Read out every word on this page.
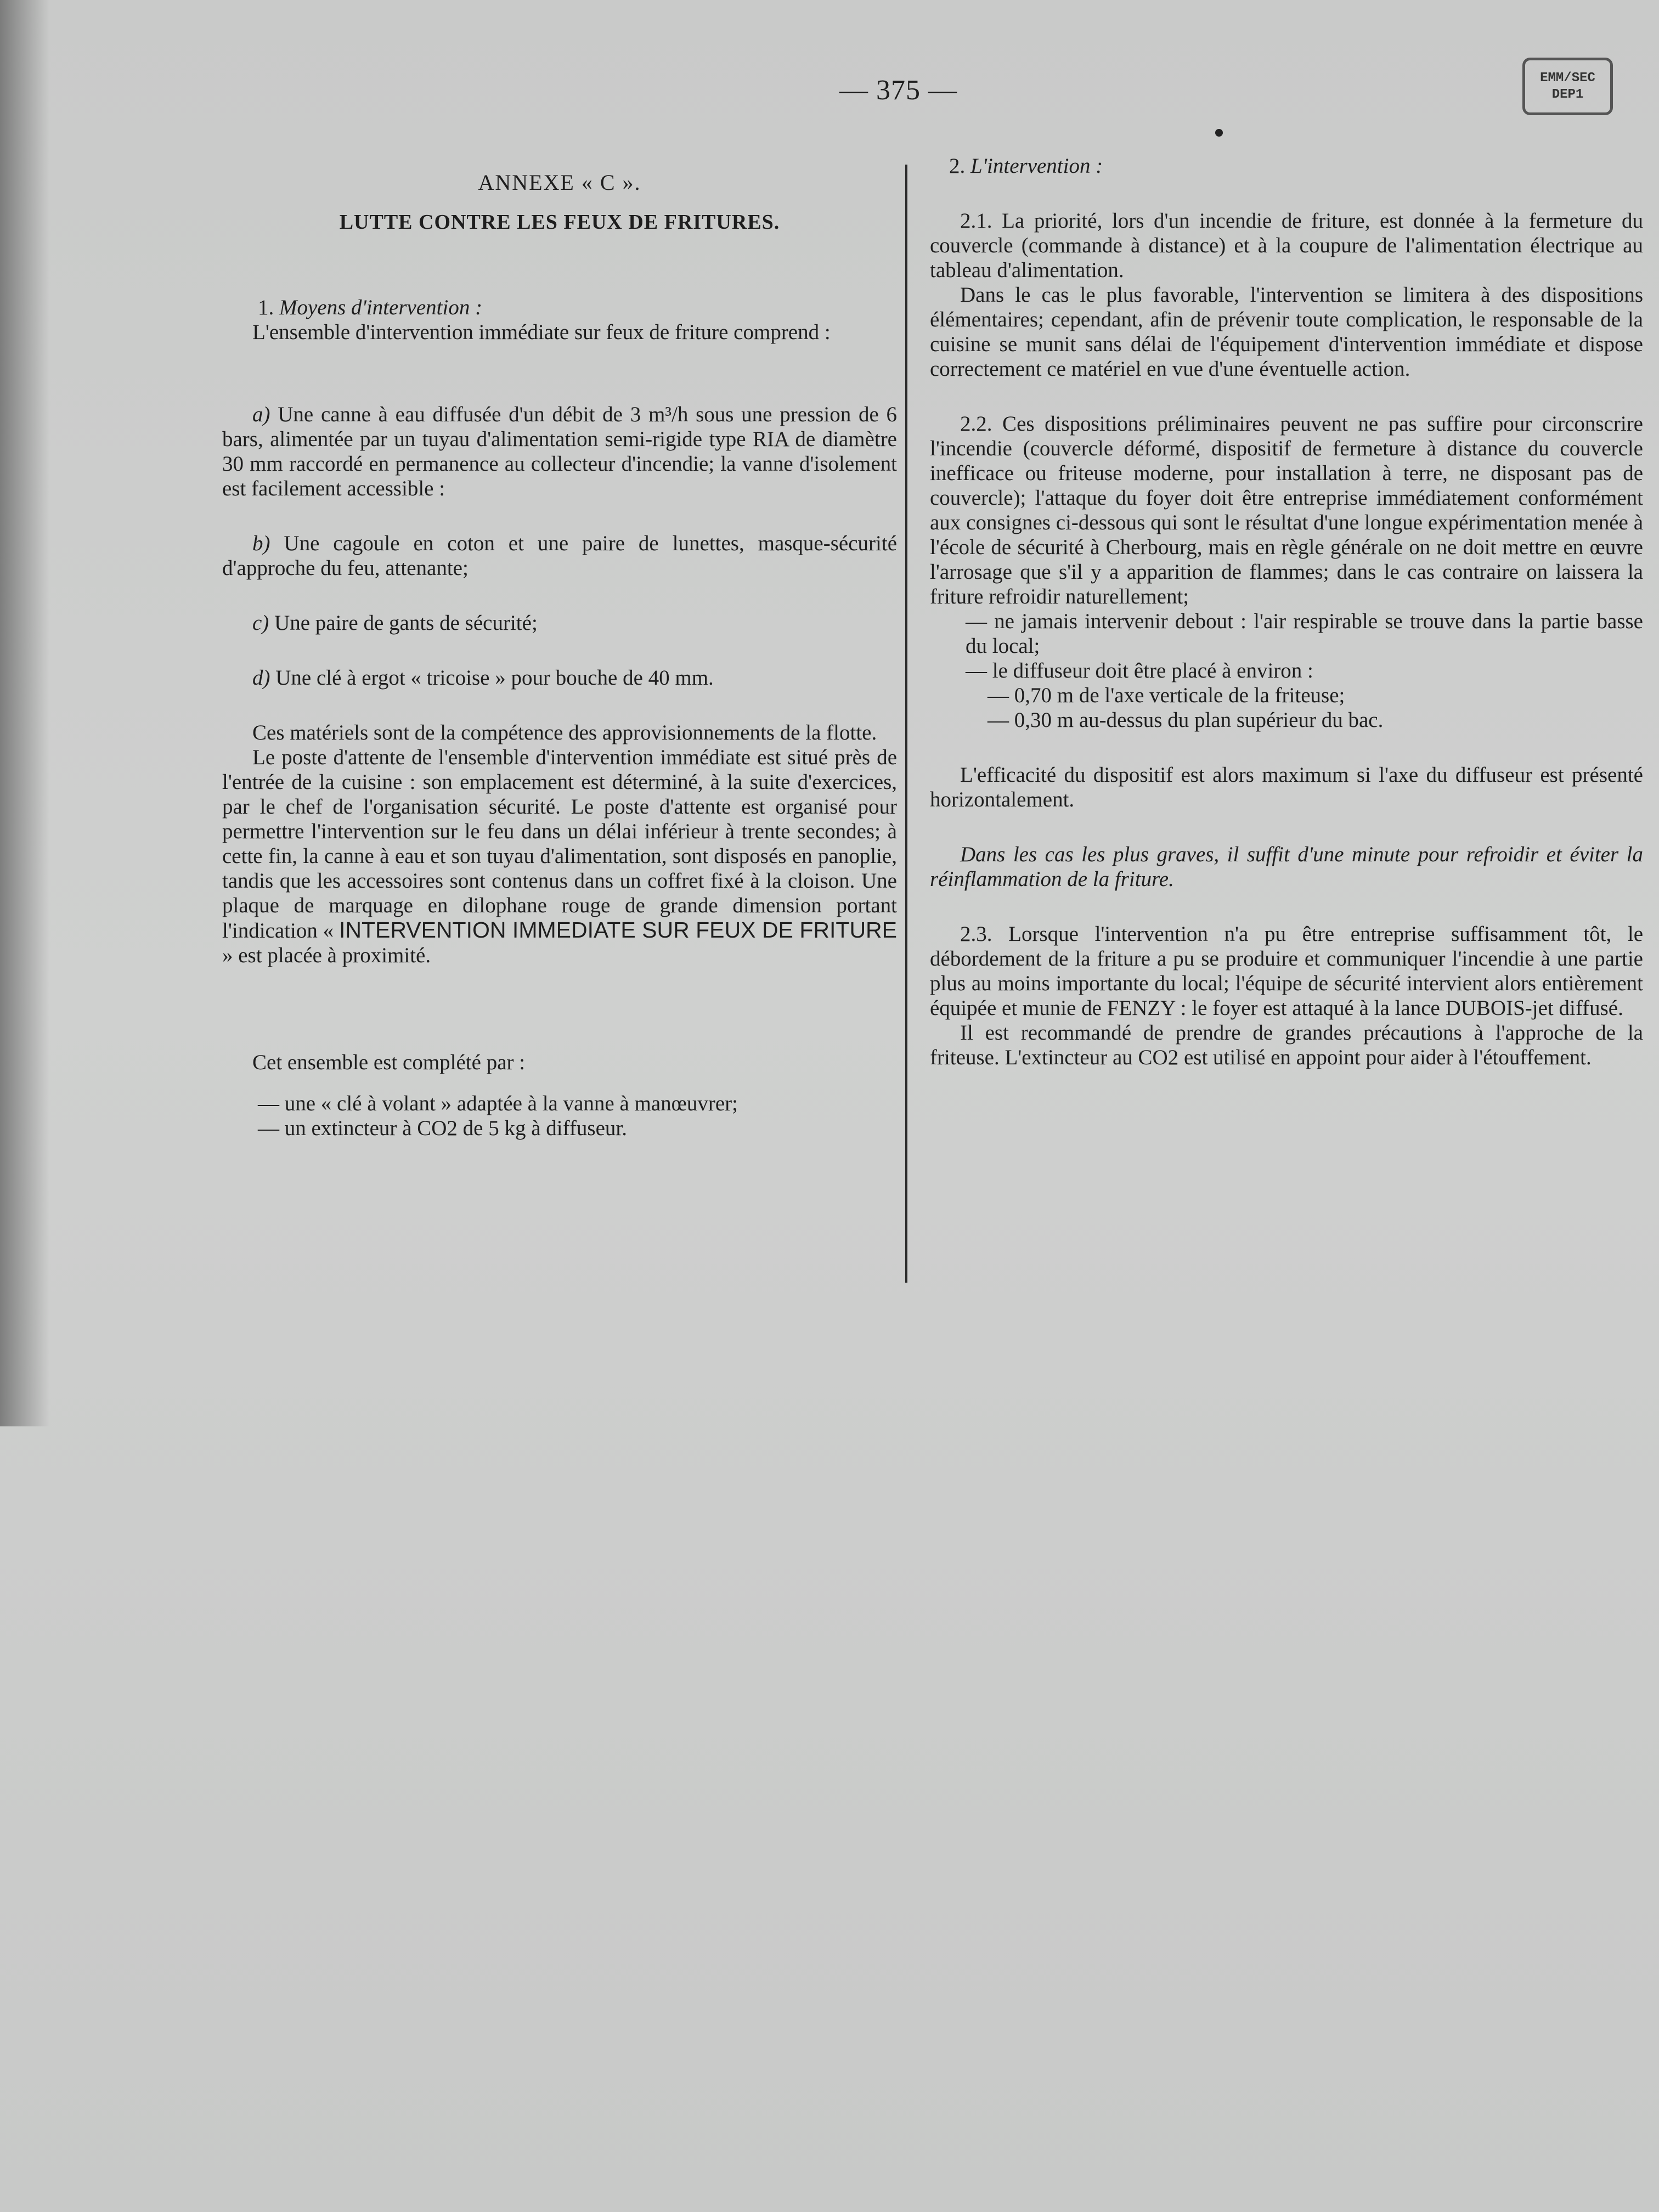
— 375 —	EMM/SEC
DEP1

ANNEXE « C ».

LUTTE CONTRE LES FEUX DE FRITURES.

1. Moyens d'intervention :

L'ensemble d'intervention immédiate sur feux de friture comprend :

a) Une canne à eau diffusée d'un débit de 3 m³/h sous une pression de 6 bars, alimentée par un tuyau d'alimentation semi-rigide type RIA de diamètre 30 mm raccordé en permanence au collecteur d'incendie; la vanne d'isolement est facilement accessible :

b) Une cagoule en coton et une paire de lunettes, masque-sécurité d'approche du feu, attenante;

c) Une paire de gants de sécurité;

d) Une clé à ergot « tricoise » pour bouche de 40 mm.

Ces matériels sont de la compétence des approvisionnements de la flotte.

Le poste d'attente de l'ensemble d'intervention immédiate est situé près de l'entrée de la cuisine : son emplacement est déterminé, à la suite d'exercices, par le chef de l'organisation sécurité. Le poste d'attente est organisé pour permettre l'intervention sur le feu dans un délai inférieur à trente secondes; à cette fin, la canne à eau et son tuyau d'alimentation, sont disposés en panoplie, tandis que les accessoires sont contenus dans un coffret fixé à la cloison. Une plaque de marquage en dilophane rouge de grande dimension portant l'indication « INTERVENTION IMMEDIATE SUR FEUX DE FRITURE » est placée à proximité.

Cet ensemble est complété par :

— une « clé à volant » adaptée à la vanne à manœuvrer;

— un extincteur à CO2 de 5 kg à diffuseur.

2. L'intervention :

2.1. La priorité, lors d'un incendie de friture, est donnée à la fermeture du couvercle (commande à distance) et à la coupure de l'alimentation électrique au tableau d'alimentation.

Dans le cas le plus favorable, l'intervention se limitera à des dispositions élémentaires; cependant, afin de prévenir toute complication, le responsable de la cuisine se munit sans délai de l'équipement d'intervention immédiate et dispose correctement ce matériel en vue d'une éventuelle action.

2.2. Ces dispositions préliminaires peuvent ne pas suffire pour circonscrire l'incendie (couvercle déformé, dispositif de fermeture à distance du couvercle inefficace ou friteuse moderne, pour installation à terre, ne disposant pas de couvercle); l'attaque du foyer doit être entreprise immédiatement conformément aux consignes ci-dessous qui sont le résultat d'une longue expérimentation menée à l'école de sécurité à Cherbourg, mais en règle générale on ne doit mettre en œuvre l'arrosage que s'il y a apparition de flammes; dans le cas contraire on laissera la friture refroidir naturellement;

— ne jamais intervenir debout : l'air respirable se trouve dans la partie basse du local;

— le diffuseur doit être placé à environ :

— 0,70 m de l'axe verticale de la friteuse;

— 0,30 m au-dessus du plan supérieur du bac.

L'efficacité du dispositif est alors maximum si l'axe du diffuseur est présenté horizontalement.

Dans les cas les plus graves, il suffit d'une minute pour refroidir et éviter la réinflammation de la friture.

2.3. Lorsque l'intervention n'a pu être entreprise suffisamment tôt, le débordement de la friture a pu se produire et communiquer l'incendie à une partie plus au moins importante du local; l'équipe de sécurité intervient alors entièrement équipée et munie de FENZY : le foyer est attaqué à la lance DUBOIS-jet diffusé.

Il est recommandé de prendre de grandes précautions à l'approche de la friteuse. L'extincteur au CO2 est utilisé en appoint pour aider à l'étouffement.
